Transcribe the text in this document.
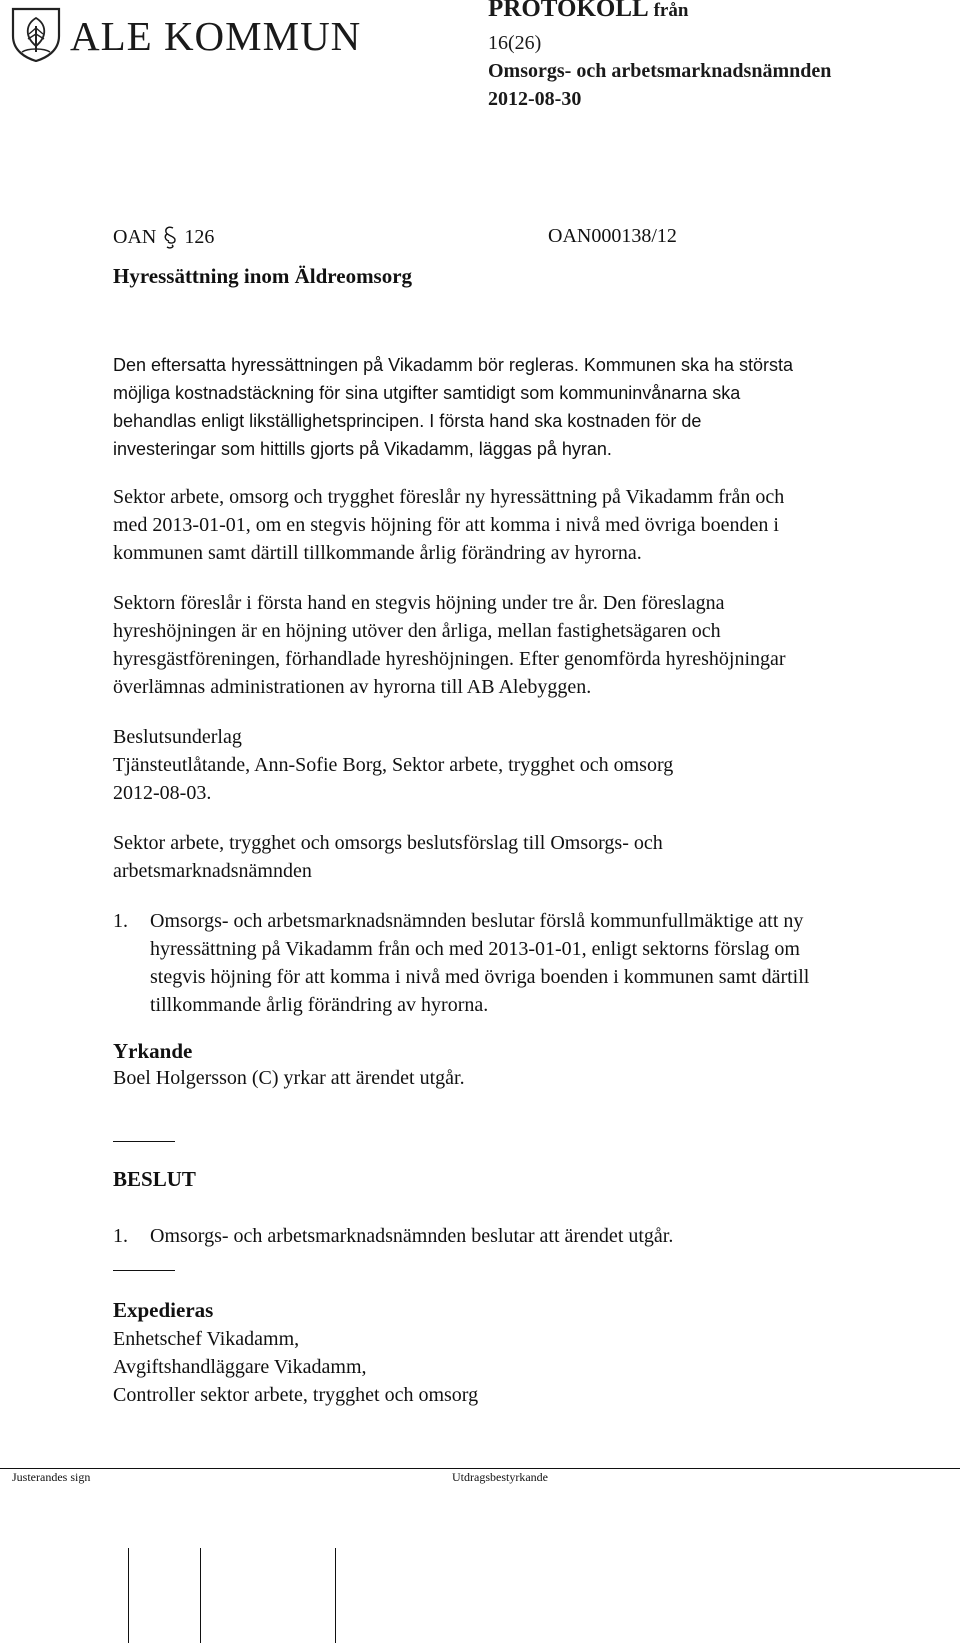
ALE KOMMUN
PROTOKOLL från
16(26)
Omsorgs- och arbetsmarknadsnämnden
2012-08-30
OAN 126	OAN000138/12
Hyressättning inom Äldreomsorg
Den eftersatta hyressättningen på Vikadamm bör regleras. Kommunen ska ha största
möjliga kostnadstäckning för sina utgifter samtidigt som kommuninvånarna ska
behandlas enligt likställighetsprincipen. I första hand ska kostnaden för de
investeringar som hittills gjorts på Vikadamm, läggas på hyran.
Sektor arbete, omsorg och trygghet föreslår ny hyressättning på Vikadamm från och
med 2013-01-01, om en stegvis höjning för att komma i nivå med övriga boenden i
kommunen samt därtill tillkommande årlig förändring av hyrorna.
Sektorn föreslår i första hand en stegvis höjning under tre år. Den föreslagna
hyreshöjningen är en höjning utöver den årliga, mellan fastighetsägaren och
hyresgästföreningen, förhandlade hyreshöjningen. Efter genomförda hyreshöjningar
överlämnas administrationen av hyrorna till AB Alebyggen.
Beslutsunderlag
Tjänsteutlåtande, Ann-Sofie Borg, Sektor arbete, trygghet och omsorg
2012-08-03.
Sektor arbete, trygghet och omsorgs beslutsförslag till Omsorgs- och
arbetsmarknadsnämnden
1. Omsorgs- och arbetsmarknadsnämnden beslutar förslå kommunfullmäktige att ny
hyressättning på Vikadamm från och med 2013-01-01, enligt sektorns förslag om
stegvis höjning för att komma i nivå med övriga boenden i kommunen samt därtill
tillkommande årlig förändring av hyrorna.
Yrkande
Boel Holgersson (C) yrkar att ärendet utgår.
BESLUT
1. Omsorgs- och arbetsmarknadsnämnden beslutar att ärendet utgår.
Expedieras
Enhetschef Vikadamm,
Avgiftshandläggare Vikadamm,
Controller sektor arbete, trygghet och omsorg
Justerandes sign	Utdragsbestyrkande
